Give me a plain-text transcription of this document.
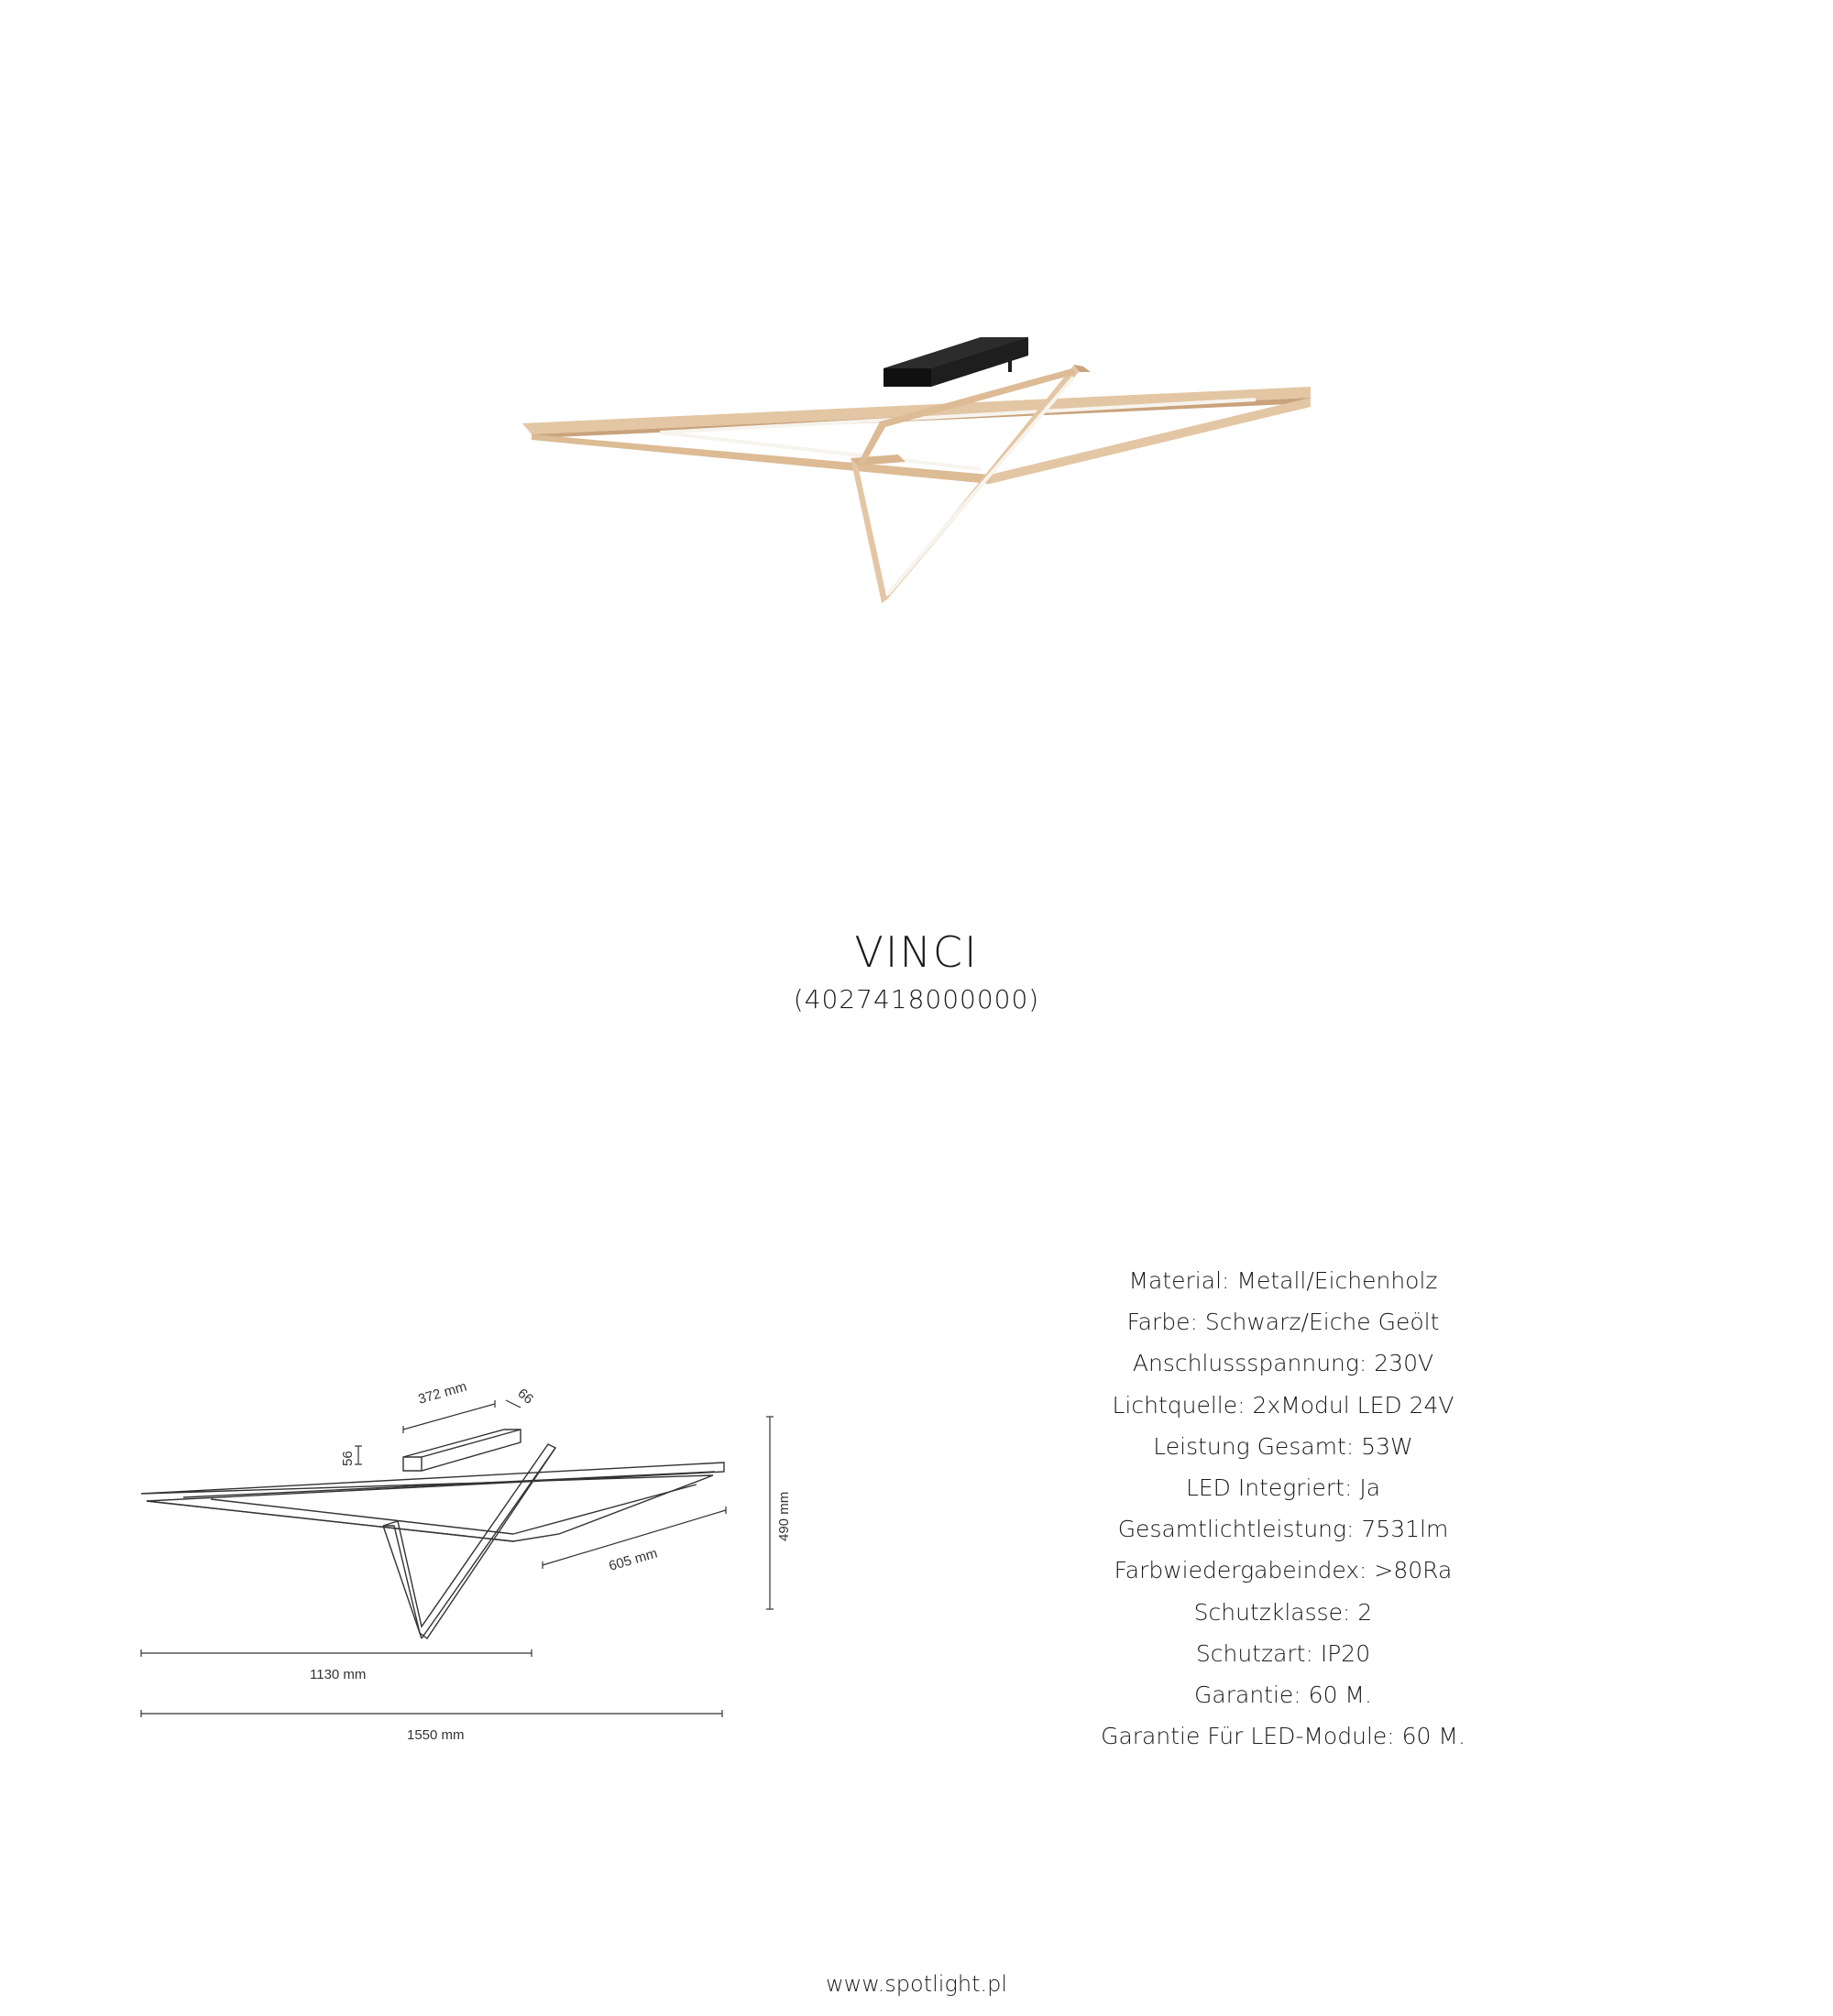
VINCI
(4027418000000)
372 mm	66
56
605 mm
490 mm
1130 mm
1550 mm
Material: Metall/Eichenholz
Farbe: Schwarz/Eiche Geölt
Anschlussspannung: 230V
Lichtquelle: 2xModul LED 24V
Leistung Gesamt: 53W
LED Integriert: Ja
Gesamtlichtleistung: 7531lm
Farbwiedergabeindex: >80Ra
Schutzklasse: 2
Schutzart: IP20
Garantie: 60 M.
Garantie Für LED-Module: 60 M.
www.spotlight.pl
